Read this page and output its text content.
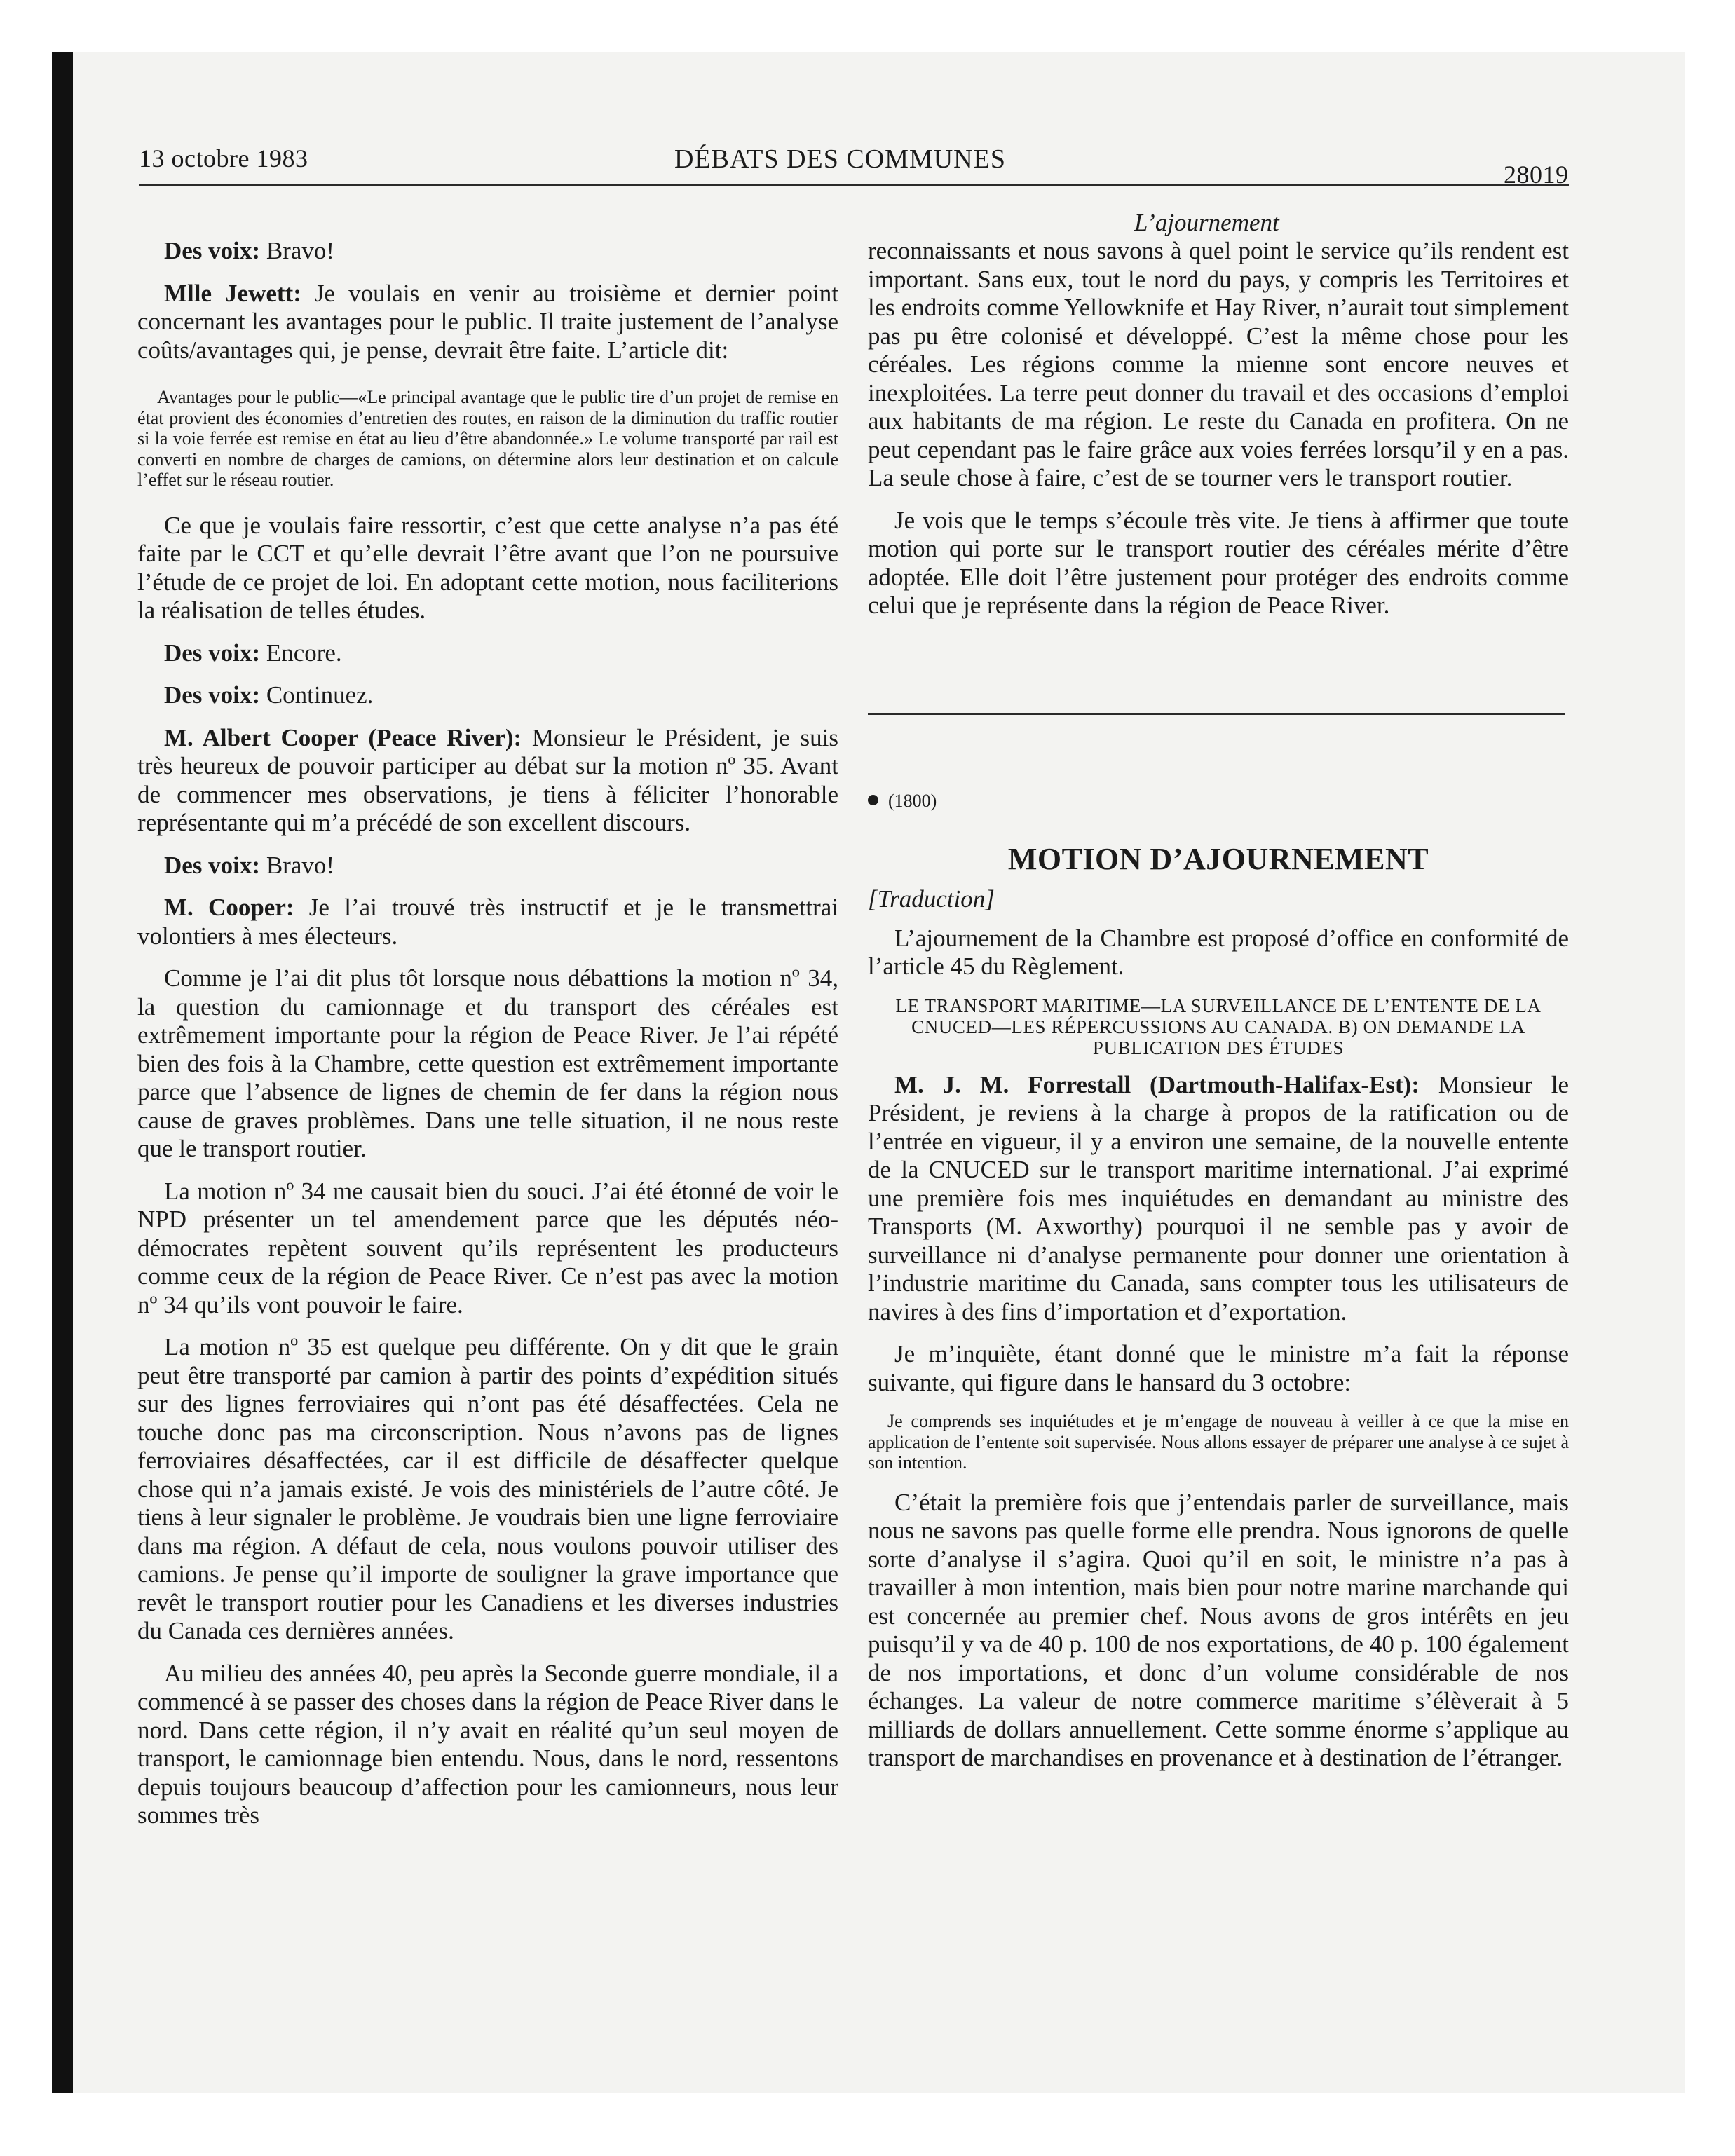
13 octobre 1983	DÉBATS DES COMMUNES
28019
L’ajournement

Des voix: Bravo!

Mlle Jewett: Je voulais en venir au troisième et dernier point concernant les avantages pour le public. Il traite justement de l’analyse coûts/avantages qui, je pense, devrait être faite. L’article dit:

Avantages pour le public—«Le principal avantage que le public tire d’un projet de remise en état provient des économies d’entretien des routes, en raison de la diminution du traffic routier si la voie ferrée est remise en état au lieu d’être abandonnée.» Le volume transporté par rail est converti en nombre de charges de camions, on détermine alors leur destination et on calcule l’effet sur le réseau routier.

Ce que je voulais faire ressortir, c’est que cette analyse n’a pas été faite par le CCT et qu’elle devrait l’être avant que l’on ne poursuive l’étude de ce projet de loi. En adoptant cette motion, nous faciliterions la réalisation de telles études.

Des voix: Encore.

Des voix: Continuez.

M. Albert Cooper (Peace River): Monsieur le Président, je suis très heureux de pouvoir participer au débat sur la motion nº 35. Avant de commencer mes observations, je tiens à féliciter l’honorable représentante qui m’a précédé de son excellent discours.

Des voix: Bravo!

M. Cooper: Je l’ai trouvé très instructif et je le transmettrai volontiers à mes électeurs.

Comme je l’ai dit plus tôt lorsque nous débattions la motion nº 34, la question du camionnage et du transport des céréales est extrêmement importante pour la région de Peace River. Je l’ai répété bien des fois à la Chambre, cette question est extrêmement importante parce que l’absence de lignes de chemin de fer dans la région nous cause de graves problèmes. Dans une telle situation, il ne nous reste que le transport routier.

La motion nº 34 me causait bien du souci. J’ai été étonné de voir le NPD présenter un tel amendement parce que les députés néo-démocrates repètent souvent qu’ils représentent les producteurs comme ceux de la région de Peace River. Ce n’est pas avec la motion nº 34 qu’ils vont pouvoir le faire.

La motion nº 35 est quelque peu différente. On y dit que le grain peut être transporté par camion à partir des points d’expédition situés sur des lignes ferroviaires qui n’ont pas été désaffectées. Cela ne touche donc pas ma circonscription. Nous n’avons pas de lignes ferroviaires désaffectées, car il est difficile de désaffecter quelque chose qui n’a jamais existé. Je vois des ministériels de l’autre côté. Je tiens à leur signaler le problème. Je voudrais bien une ligne ferroviaire dans ma région. A défaut de cela, nous voulons pouvoir utiliser des camions. Je pense qu’il importe de souligner la grave importance que revêt le transport routier pour les Canadiens et les diverses industries du Canada ces dernières années.

Au milieu des années 40, peu après la Seconde guerre mondiale, il a commencé à se passer des choses dans la région de Peace River dans le nord. Dans cette région, il n’y avait en réalité qu’un seul moyen de transport, le camionnage bien entendu. Nous, dans le nord, ressentons depuis toujours beaucoup d’affection pour les camionneurs, nous leur sommes très

reconnaissants et nous savons à quel point le service qu’ils rendent est important. Sans eux, tout le nord du pays, y compris les Territoires et les endroits comme Yellowknife et Hay River, n’aurait tout simplement pas pu être colonisé et développé. C’est la même chose pour les céréales. Les régions comme la mienne sont encore neuves et inexploitées. La terre peut donner du travail et des occasions d’emploi aux habitants de ma région. Le reste du Canada en profitera. On ne peut cependant pas le faire grâce aux voies ferrées lorsqu’il y en a pas. La seule chose à faire, c’est de se tourner vers le transport routier.

Je vois que le temps s’écoule très vite. Je tiens à affirmer que toute motion qui porte sur le transport routier des céréales mérite d’être adoptée. Elle doit l’être justement pour protéger des endroits comme celui que je représente dans la région de Peace River.

(1800)
MOTION D’AJOURNEMENT
[Traduction]

L’ajournement de la Chambre est proposé d’office en conformité de l’article 45 du Règlement.

LE TRANSPORT MARITIME—LA SURVEILLANCE DE L’ENTENTE DE LA CNUCED—LES RÉPERCUSSIONS AU CANADA. B) ON DEMANDE LA PUBLICATION DES ÉTUDES

M. J. M. Forrestall (Dartmouth-Halifax-Est): Monsieur le Président, je reviens à la charge à propos de la ratification ou de l’entrée en vigueur, il y a environ une semaine, de la nouvelle entente de la CNUCED sur le transport maritime international. J’ai exprimé une première fois mes inquiétudes en demandant au ministre des Transports (M. Axworthy) pourquoi il ne semble pas y avoir de surveillance ni d’analyse permanente pour donner une orientation à l’industrie maritime du Canada, sans compter tous les utilisateurs de navires à des fins d’importation et d’exportation.

Je m’inquiète, étant donné que le ministre m’a fait la réponse suivante, qui figure dans le hansard du 3 octobre:

Je comprends ses inquiétudes et je m’engage de nouveau à veiller à ce que la mise en application de l’entente soit supervisée. Nous allons essayer de préparer une analyse à ce sujet à son intention.

C’était la première fois que j’entendais parler de surveillance, mais nous ne savons pas quelle forme elle prendra. Nous ignorons de quelle sorte d’analyse il s’agira. Quoi qu’il en soit, le ministre n’a pas à travailler à mon intention, mais bien pour notre marine marchande qui est concernée au premier chef. Nous avons de gros intérêts en jeu puisqu’il y va de 40 p. 100 de nos exportations, de 40 p. 100 également de nos importations, et donc d’un volume considérable de nos échanges. La valeur de notre commerce maritime s’élèverait à 5 milliards de dollars annuellement. Cette somme énorme s’applique au transport de marchandises en provenance et à destination de l’étranger.
